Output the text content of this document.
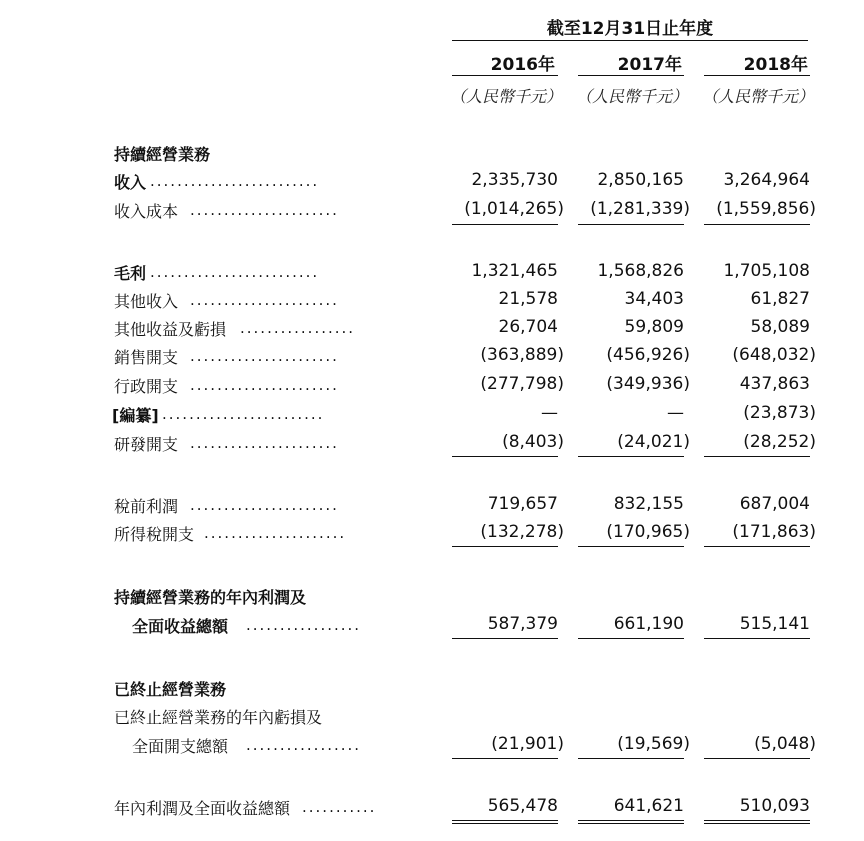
截至12月31日止年度
2016年	2017年	2018年
（人民幣千元） （人民幣千元） （人民幣千元）
持續經營業務
收入 .........................	2,335,730	2,850,165	3,264,964
收入成本 ......................	(1,014,265)	(1,281,339)	(1,559,856)
毛利 .........................	1,321,465	1,568,826	1,705,108
其他收入 ......................	21,578	34,403	61,827
其他收益及虧損 .................	26,704	59,809	58,089
銷售開支 ......................	(363,889)	(456,926)	(648,032)
行政開支 ......................	(277,798)	(349,936)	437,863
[編纂] ........................	—	—	(23,873)
研發開支 ......................	(8,403)	(24,021)	(28,252)
稅前利潤 ......................	719,657	832,155	687,004
所得稅開支 .....................	(132,278)	(170,965)	(171,863)
持續經營業務的年內利潤及
全面收益總額 .................	587,379	661,190	515,141
已終止經營業務
已終止經營業務的年內虧損及
全面開支總額 .................	(21,901)	(19,569)	(5,048)
年內利潤及全面收益總額 ...........	565,478	641,621	510,093
